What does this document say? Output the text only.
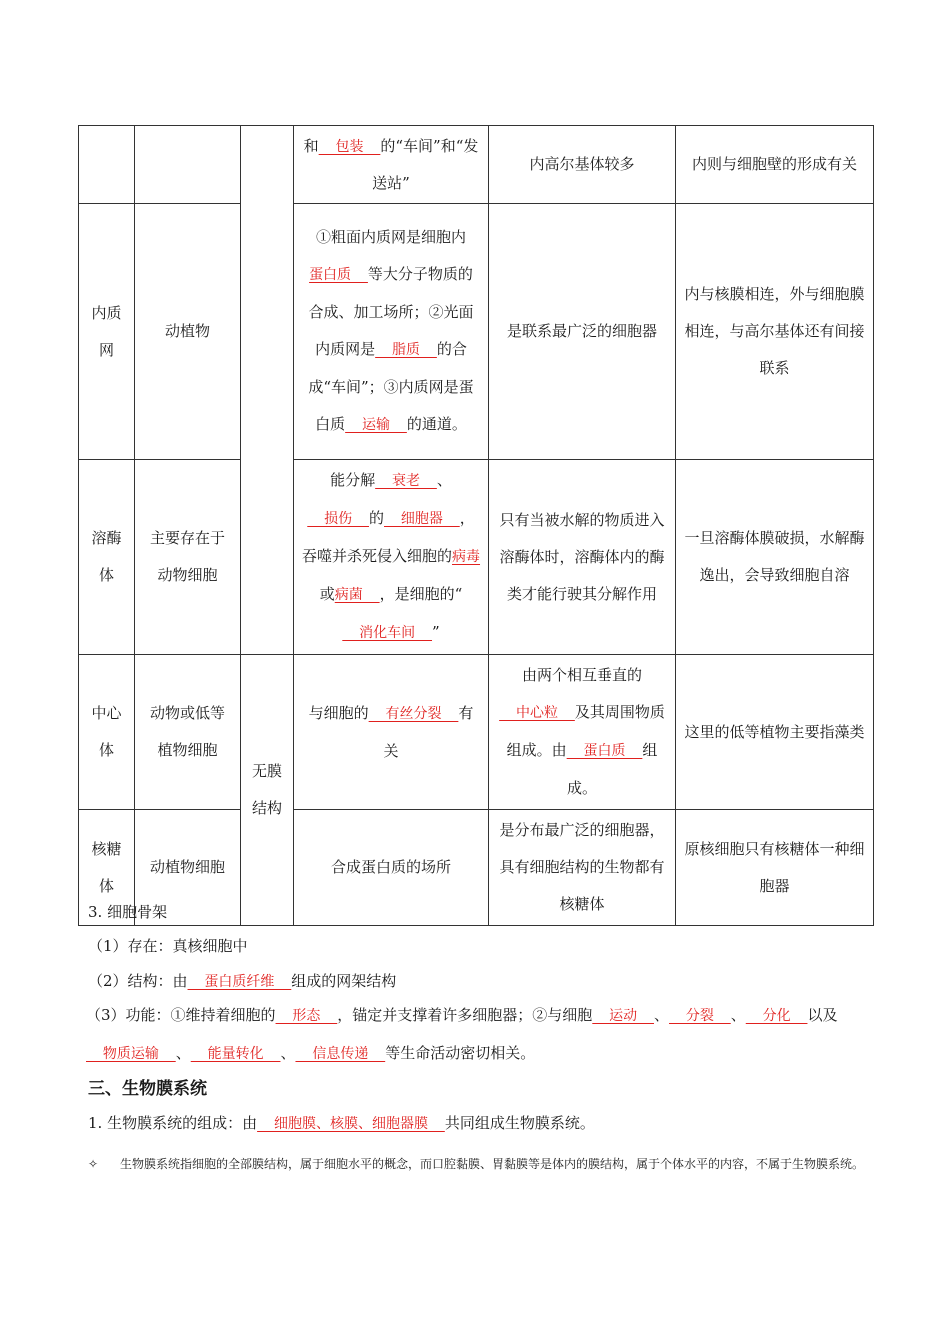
			和  包装  的“车间”和“发送站”	内高尔基体较多	内则与细胞壁的形成有关
内质网	动植物		①粗面内质网是细胞内蛋白质  等大分子物质的合成、加工场所；②光面内质网是  脂质  的合成“车间”；③内质网是蛋白质  运输  的通道。	是联系最广泛的细胞器	内与核膜相连，外与细胞膜相连，与高尔基体还有间接联系
溶酶体	主要存在于动物细胞		能分解  衰老  、  损伤  的  细胞器  ，吞噬并杀死侵入细胞的病毒或病菌  ，是细胞的“  消化车间  ”	只有当被水解的物质进入溶酶体时，溶酶体内的酶类才能行驶其分解作用	一旦溶酶体膜破损，水解酶逸出，会导致细胞自溶
中心体	动物或低等植物细胞	无膜结构	与细胞的  有丝分裂  有关	由两个相互垂直的  中心粒  及其周围物质组成。由  蛋白质  组成。	这里的低等植物主要指藻类
核糖体	动植物细胞		合成蛋白质的场所	是分布最广泛的细胞器，具有细胞结构的生物都有核糖体	原核细胞只有核糖体一种细胞器
3. 细胞骨架
（1）存在：真核细胞中
（2）结构：由  蛋白质纤维  组成的网架结构
（3）功能：①维持着细胞的  形态  ，锚定并支撑着许多细胞器；②与细胞  运动  、  分裂  、  分化  以及  物质运输  、  能量转化  、  信息传递  等生命活动密切相关。
三、生物膜系统
1. 生物膜系统的组成：由  细胞膜、核膜、细胞器膜  共同组成生物膜系统。
✧ 生物膜系统指细胞的全部膜结构，属于细胞水平的概念，而口腔黏膜、胃黏膜等是体内的膜结构，属于个体水平的内容，不属于生物膜系统。
